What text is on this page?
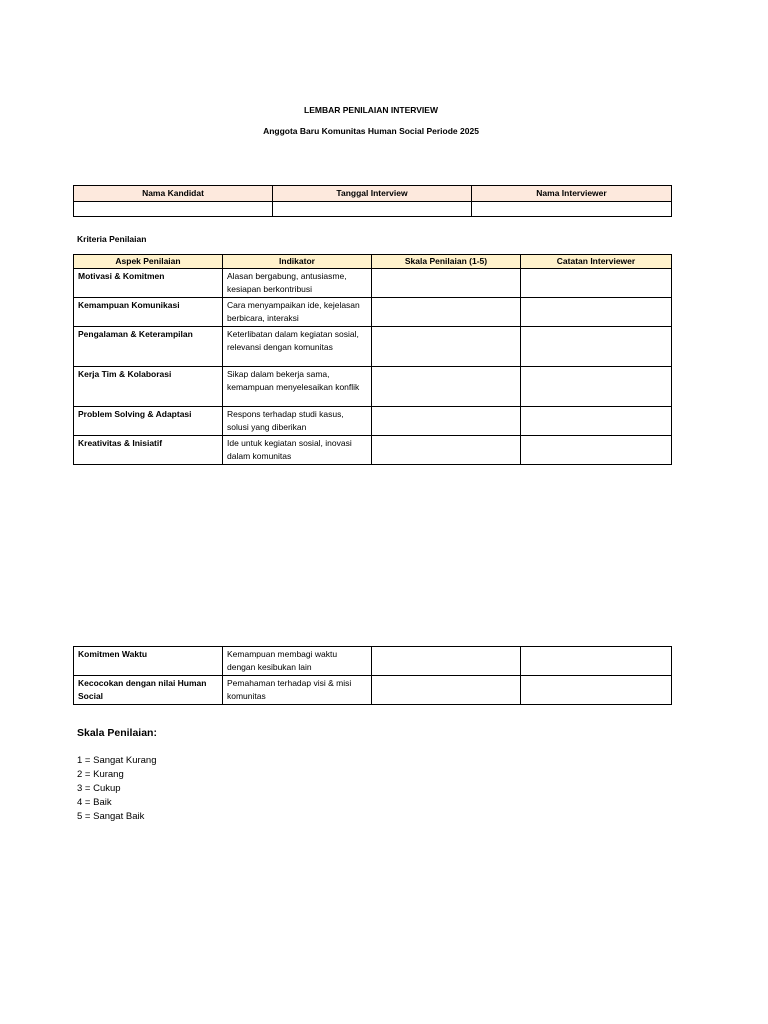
LEMBAR PENILAIAN INTERVIEW
Anggota Baru Komunitas Human Social Periode 2025
Nama Kandidat	Tanggal Interview	Nama Interviewer

Kriteria Penilaian
Aspek Penilaian	Indikator	Skala Penilaian (1-5)	Catatan Interviewer
Motivasi & Komitmen	Alasan bergabung, antusiasme, kesiapan berkontribusi		
Kemampuan Komunikasi	Cara menyampaikan ide, kejelasan berbicara, interaksi		
Pengalaman & Keterampilan	Keterlibatan dalam kegiatan sosial, relevansi dengan komunitas		
Kerja Tim & Kolaborasi	Sikap dalam bekerja sama, kemampuan menyelesaikan konflik		
Problem Solving & Adaptasi	Respons terhadap studi kasus, solusi yang diberikan		
Kreativitas & Inisiatif	Ide untuk kegiatan sosial, inovasi dalam komunitas		
Komitmen Waktu	Kemampuan membagi waktu dengan kesibukan lain		
Kecocokan dengan nilai Human Social	Pemahaman terhadap visi & misi komunitas		
Skala Penilaian:
1 = Sangat Kurang
2 = Kurang
3 = Cukup
4 = Baik
5 = Sangat Baik
